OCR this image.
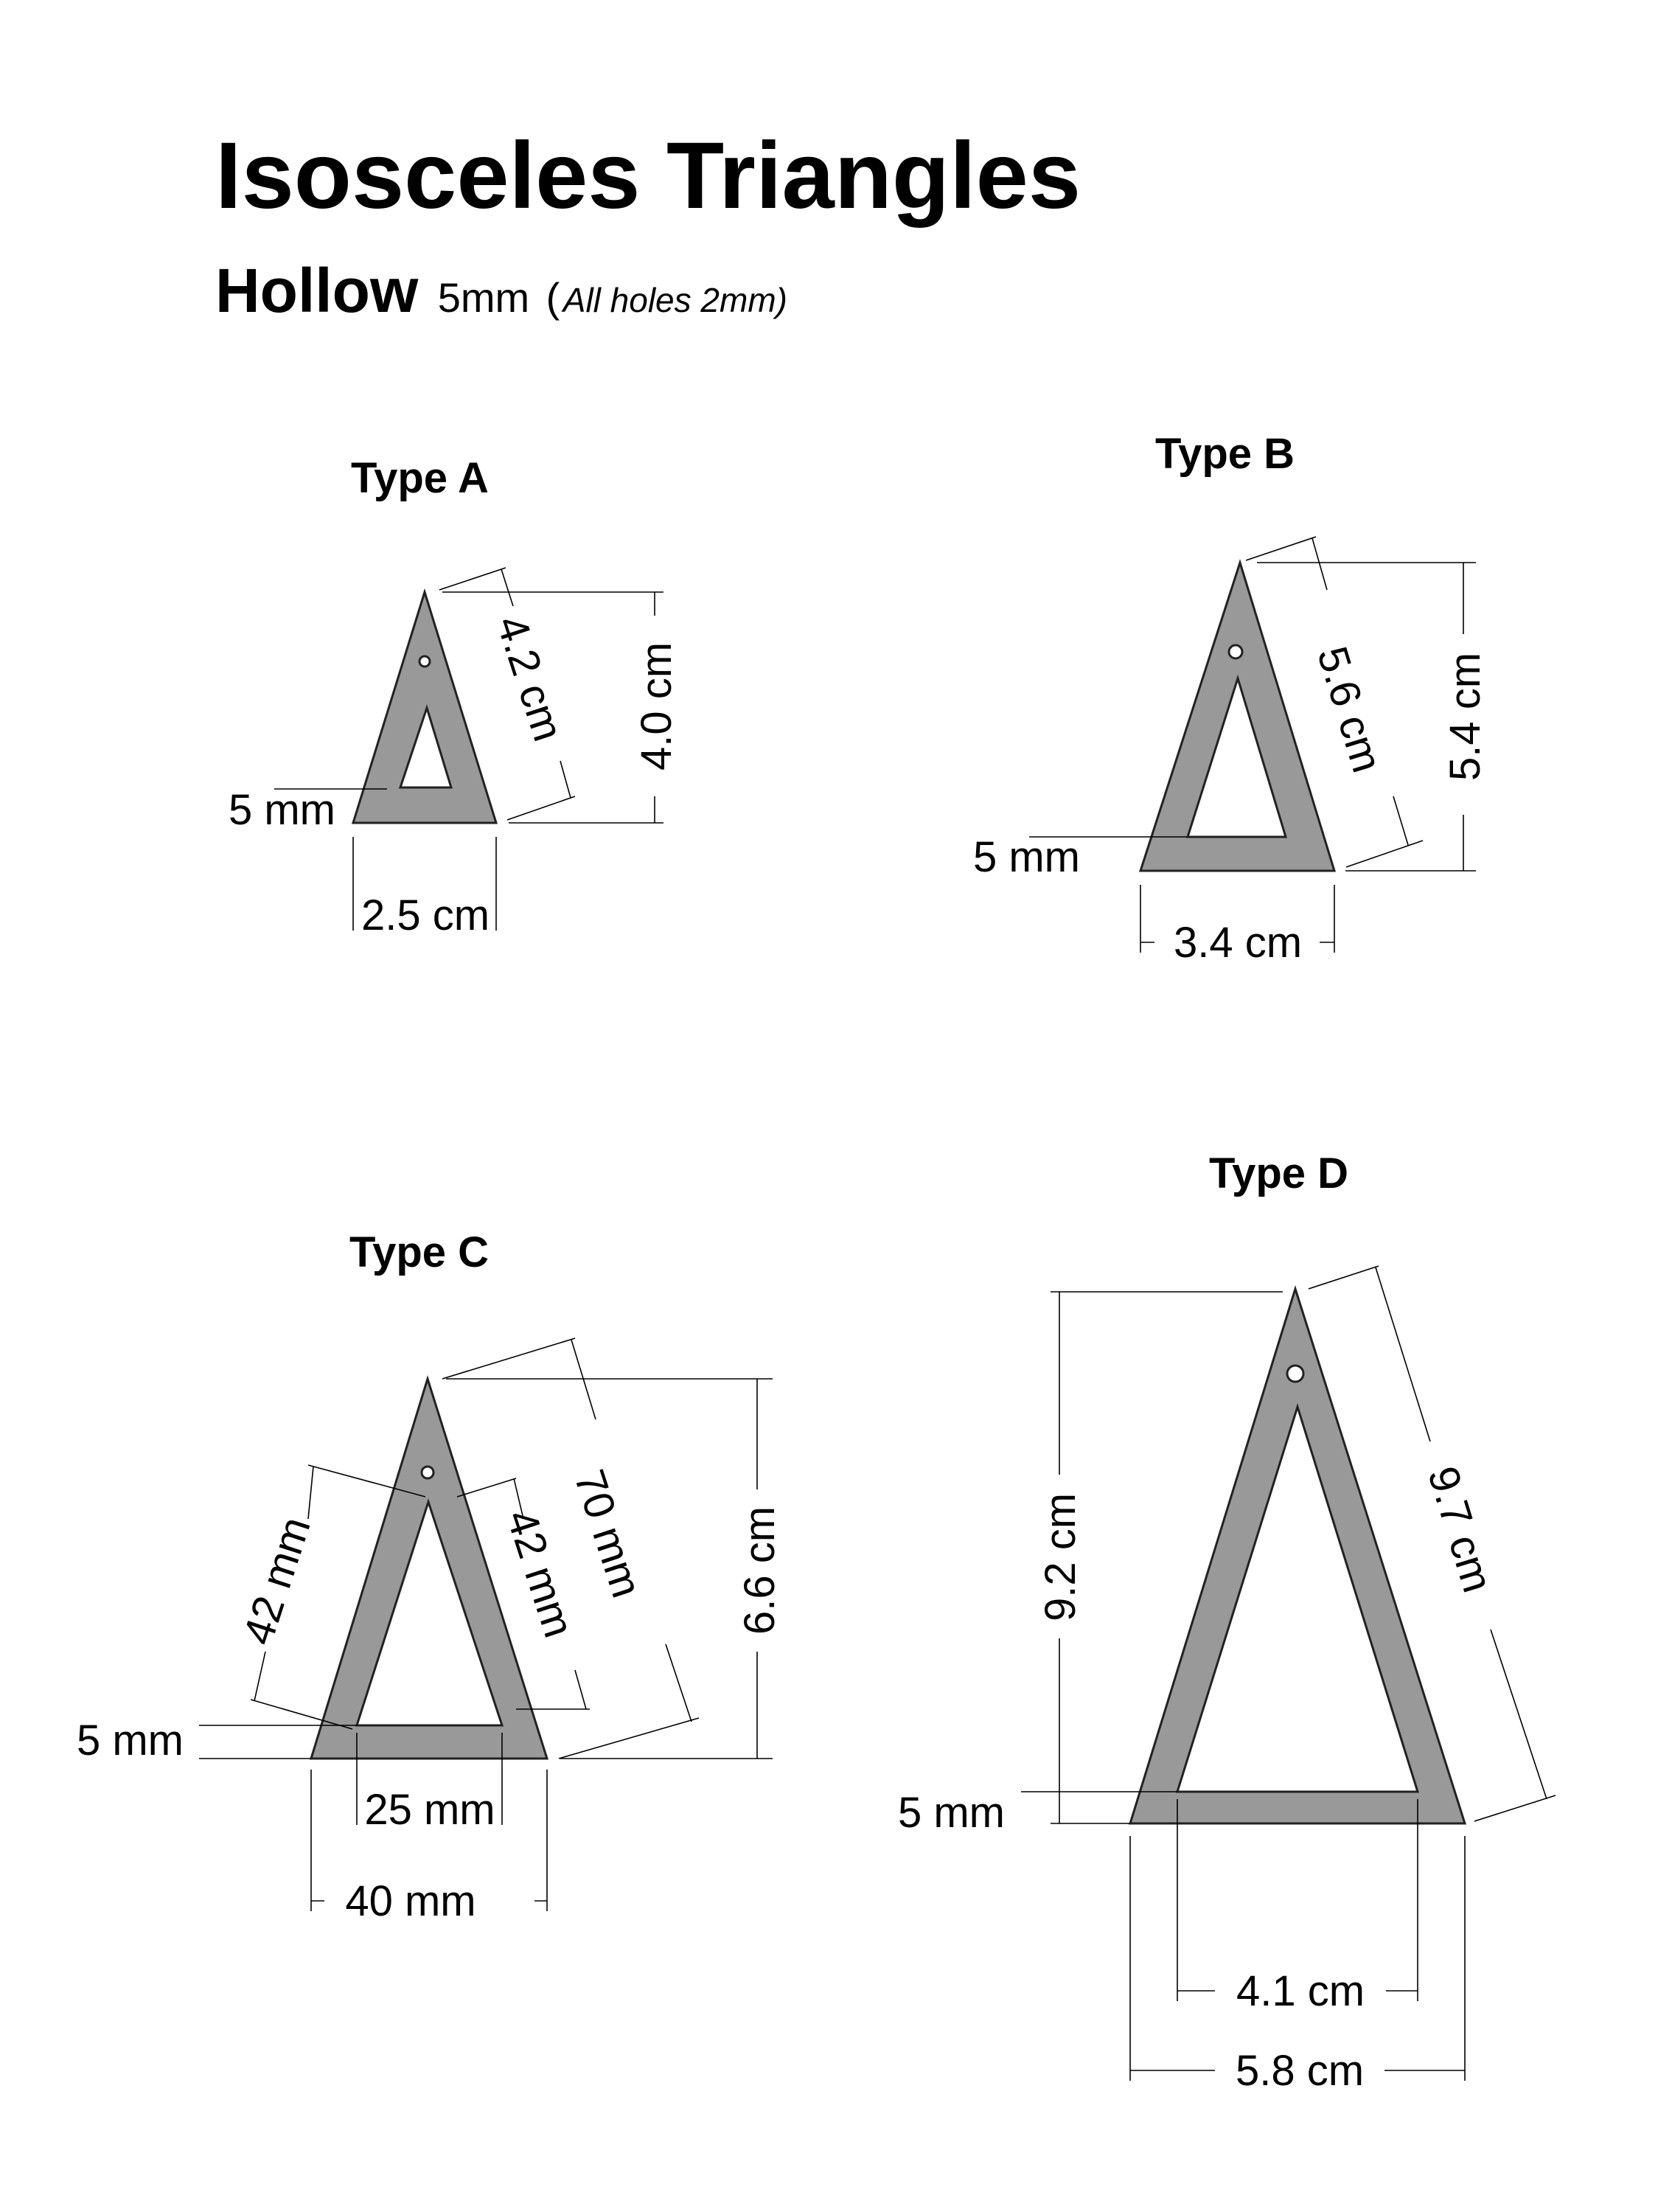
Isosceles Triangles
Hollow 5mm ( All holes 2mm)
Type A
4.0 cm
4.2 cm
2.5 cm
5 mm
Type B
5.4 cm
5.6 cm
3.4 cm
5 mm
Type C
6.6 cm
70 mm
42 mm	42 mm
25 mm
40 mm
5 mm
Type D
9.2 cm	9.7 cm
4.1 cm
5.8 cm
5 mm
